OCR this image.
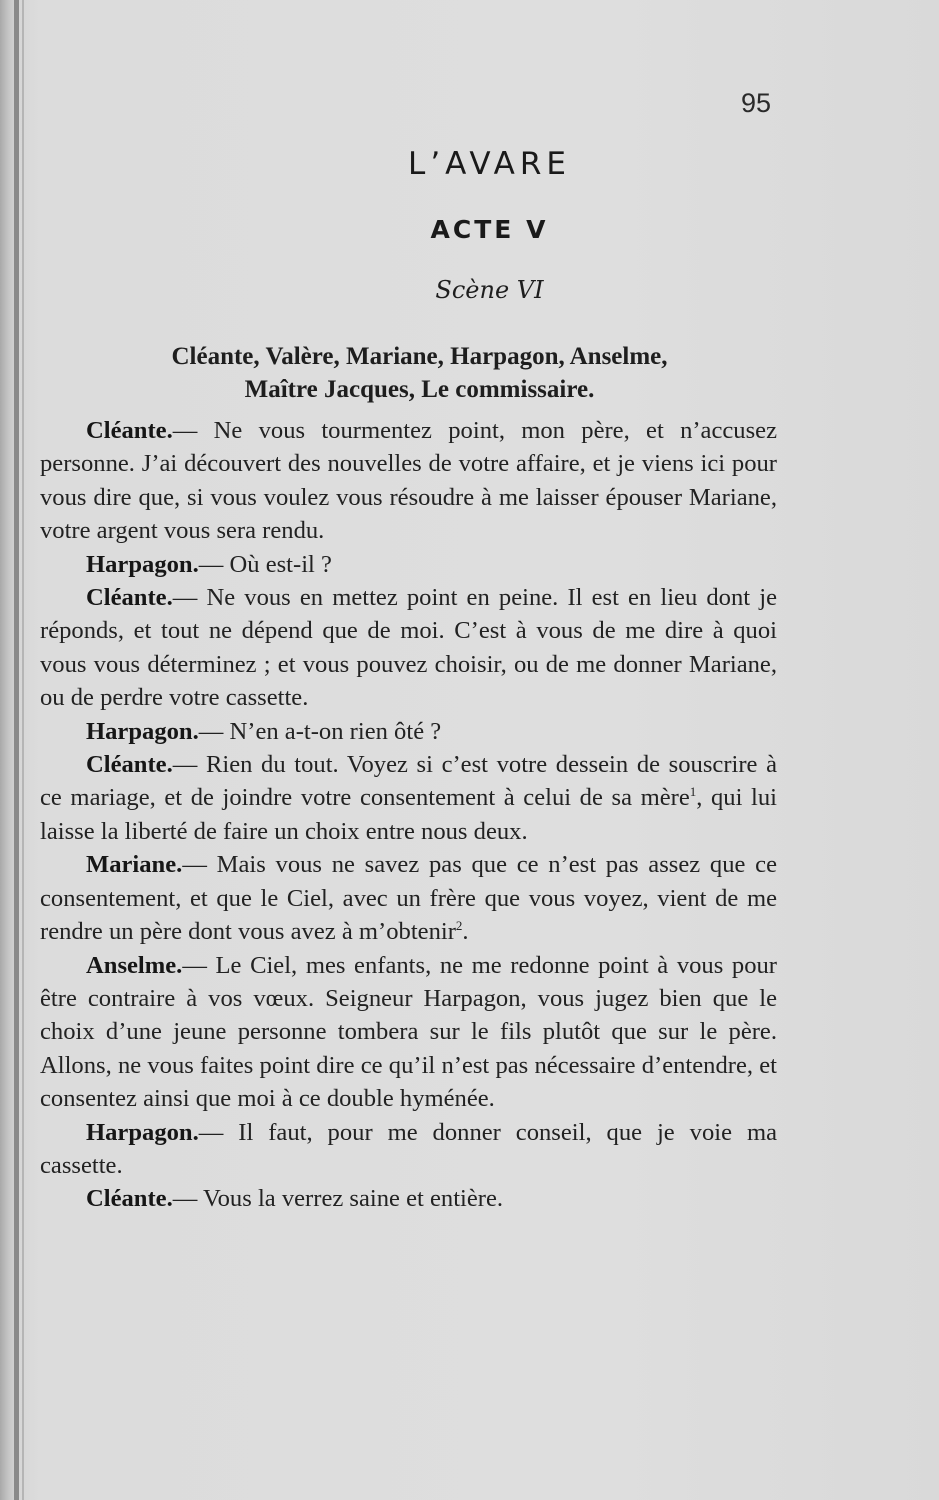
95
L’AVARE
ACTE V
Scène VI
Cléante, Valère, Mariane, Harpagon, Anselme,
Maître Jacques, Le commissaire.

Cléante.— Ne vous tourmentez point, mon père, et n’accusez personne. J’ai découvert des nouvelles de votre affaire, et je viens ici pour vous dire que, si vous voulez vous résoudre à me laisser épouser Mariane, votre argent vous sera rendu.

Harpagon.— Où est-il ?

Cléante.— Ne vous en mettez point en peine. Il est en lieu dont je réponds, et tout ne dépend que de moi. C’est à vous de me dire à quoi vous vous déterminez ; et vous pouvez choisir, ou de me donner Mariane, ou de perdre votre cassette.

Harpagon.— N’en a-t-on rien ôté ?

Cléante.— Rien du tout. Voyez si c’est votre dessein de souscrire à ce mariage, et de joindre votre consentement à celui de sa mère$^1$, qui lui laisse la liberté de faire un choix entre nous deux.

Mariane.— Mais vous ne savez pas que ce n’est pas assez que ce consentement, et que le Ciel, avec un frère que vous voyez, vient de me rendre un père dont vous avez à m’obtenir$^2$.

Anselme.— Le Ciel, mes enfants, ne me redonne point à vous pour être contraire à vos vœux. Seigneur Harpagon, vous jugez bien que le choix d’une jeune personne tombera sur le fils plutôt que sur le père. Allons, ne vous faites point dire ce qu’il n’est pas nécessaire d’entendre, et consentez ainsi que moi à ce double hyménée.

Harpagon.— Il faut, pour me donner conseil, que je voie ma cassette.

Cléante.— Vous la verrez saine et entière.
